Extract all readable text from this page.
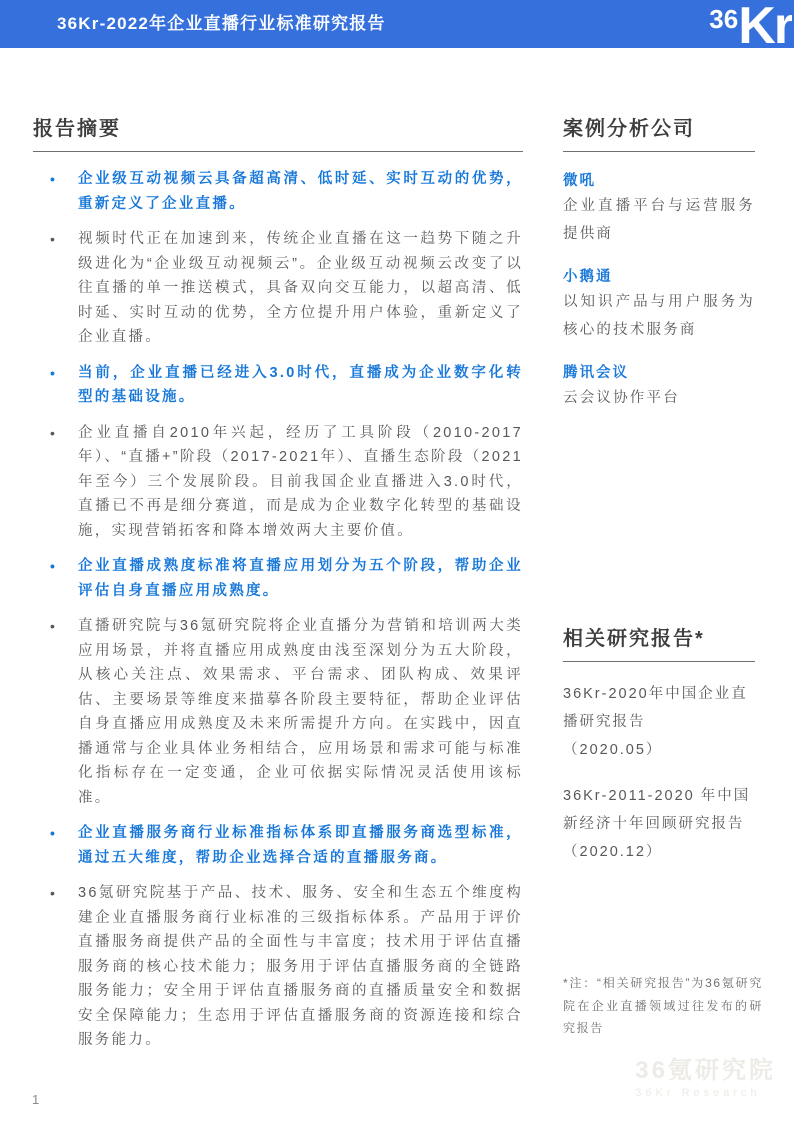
36Kr-2022年企业直播行业标准研究报告	36 Kr
报告摘要
• 企业级互动视频云具备超高清、低时延、实时互动的优势，重新定义了企业直播。
• 视频时代正在加速到来，传统企业直播在这一趋势下随之升级进化为“企业级互动视频云”。企业级互动视频云改变了以往直播的单一推送模式，具备双向交互能力，以超高清、低时延、实时互动的优势，全方位提升用户体验，重新定义了企业直播。
• 当前，企业直播已经进入3.0时代，直播成为企业数字化转型的基础设施。
• 企业直播自2010年兴起，经历了工具阶段（2010-2017年）、“直播+”阶段（2017-2021年）、直播生态阶段（2021年至今）三个发展阶段。目前我国企业直播进入3.0时代，直播已不再是细分赛道，而是成为企业数字化转型的基础设施，实现营销拓客和降本增效两大主要价值。
• 企业直播成熟度标准将直播应用划分为五个阶段，帮助企业评估自身直播应用成熟度。
• 直播研究院与36氪研究院将企业直播分为营销和培训两大类应用场景，并将直播应用成熟度由浅至深划分为五大阶段，从核心关注点、效果需求、平台需求、团队构成、效果评估、主要场景等维度来描摹各阶段主要特征，帮助企业评估自身直播应用成熟度及未来所需提升方向。在实践中，因直播通常与企业具体业务相结合，应用场景和需求可能与标准化指标存在一定变通，企业可依据实际情况灵活使用该标准。
• 企业直播服务商行业标准指标体系即直播服务商选型标准，通过五大维度，帮助企业选择合适的直播服务商。
• 36氪研究院基于产品、技术、服务、安全和生态五个维度构建企业直播服务商行业标准的三级指标体系。产品用于评价直播服务商提供产品的全面性与丰富度；技术用于评估直播服务商的核心技术能力；服务用于评估直播服务商的全链路服务能力；安全用于评估直播服务商的直播质量安全和数据安全保障能力；生态用于评估直播服务商的资源连接和综合服务能力。
案例分析公司
微吼
企业直播平台与运营服务提供商
小鹅通
以知识产品与用户服务为核心的技术服务商
腾讯会议
云会议协作平台
相关研究报告*
36Kr-2020年中国企业直播研究报告
（2020.05）
36Kr-2011-2020 年中国新经济十年回顾研究报告
（2020.12）
*注：“相关研究报告”为36氪研究院在企业直播领域过往发布的研究报告
1
36氪研究院
36Kr Research
